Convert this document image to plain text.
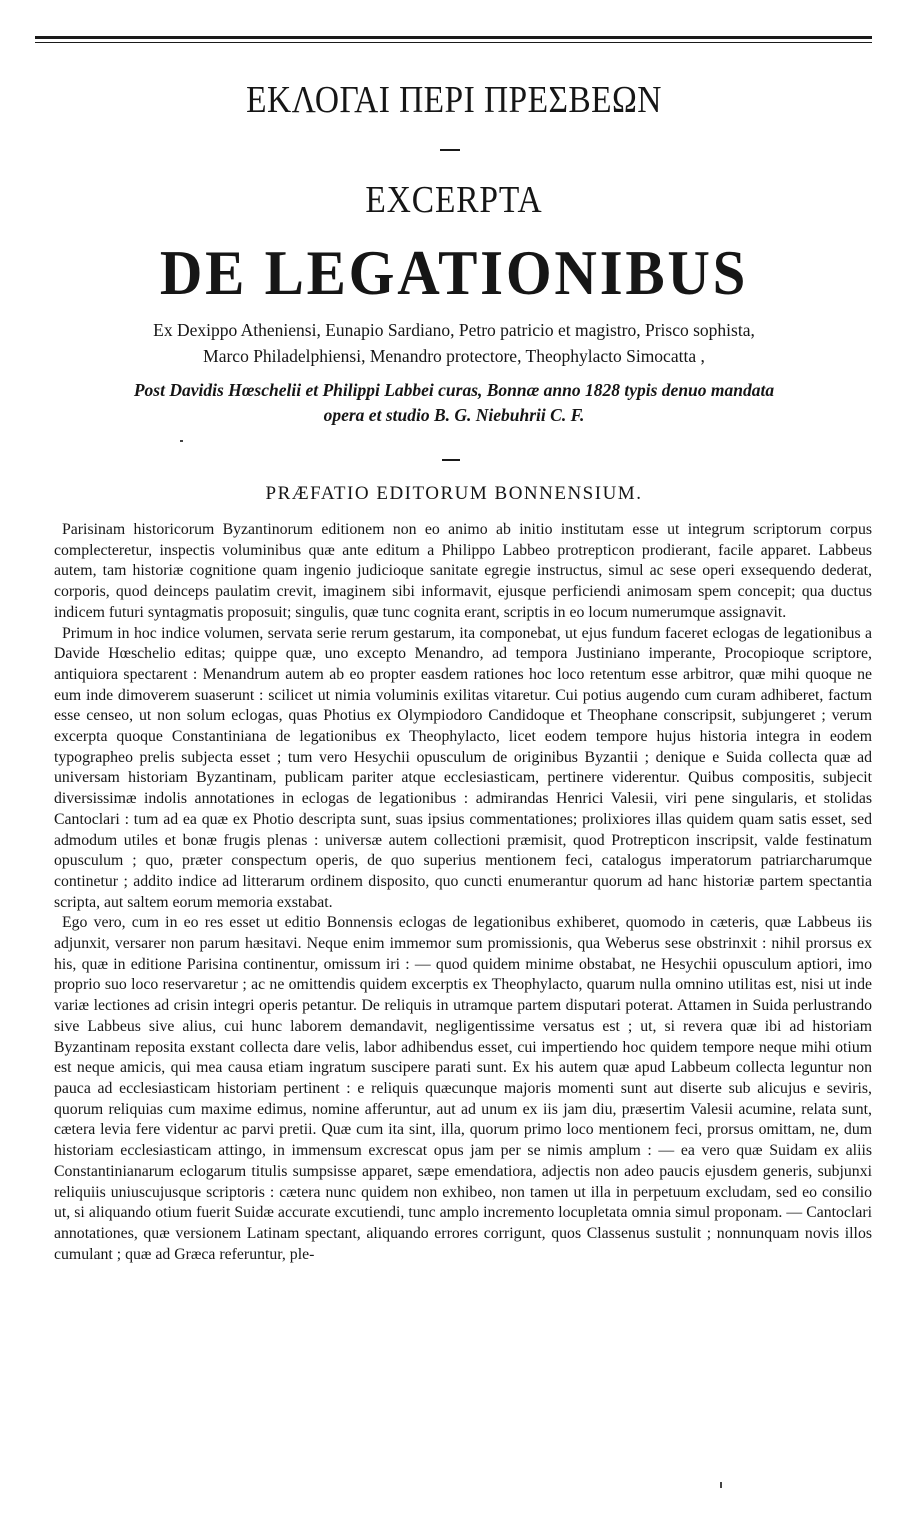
ΕΚΛΟΓΑΙ ΠΕΡΙ ΠΡΕΣΒΕΩΝ
EXCERPTA
DE LEGATIONIBUS
Ex Dexippo Atheniensi, Eunapio Sardiano, Petro patricio et magistro, Prisco sophista,
Marco Philadelphiensi, Menandro protectore, Theophylacto Simocatta ,
Post Davidis Hœschelii et Philippi Labbei curas, Bonnæ anno 1828 typis denuo mandata
opera et studio B. G. Niebuhrii C. F.
PRÆFATIO EDITORUM BONNENSIUM.

Parisinam historicorum Byzantinorum editionem non eo animo ab initio institutam esse ut integrum scriptorum corpus complecteretur, inspectis voluminibus quæ ante editum a Philippo Labbeo protrepticon prodierant, facile apparet. Labbeus autem, tam historiæ cognitione quam ingenio judicioque sanitate egregie instructus, simul ac sese operi exsequendo dederat, corporis, quod deinceps paulatim crevit, imaginem sibi informavit, ejusque perficiendi animosam spem concepit; qua ductus indicem futuri syntagmatis proposuit; singulis, quæ tunc cognita erant, scriptis in eo locum numerumque assignavit.

Primum in hoc indice volumen, servata serie rerum gestarum, ita componebat, ut ejus fundum faceret eclogas de legationibus a Davide Hœschelio editas; quippe quæ, uno excepto Menandro, ad tempora Justiniano imperante, Procopioque scriptore, antiquiora spectarent : Menandrum autem ab eo propter easdem rationes hoc loco retentum esse arbitror, quæ mihi quoque ne eum inde dimoverem suaserunt : scilicet ut nimia voluminis exilitas vitaretur. Cui potius augendo cum curam adhiberet, factum esse censeo, ut non solum eclogas, quas Photius ex Olympiodoro Candidoque et Theophane conscripsit, subjungeret ; verum excerpta quoque Constantiniana de legationibus ex Theophylacto, licet eodem tempore hujus historia integra in eodem typographeo prelis subjecta esset ; tum vero Hesychii opusculum de originibus Byzantii ; denique e Suida collecta quæ ad universam historiam Byzantinam, publicam pariter atque ecclesiasticam, pertinere viderentur. Quibus compositis, subjecit diversissimæ indolis annotationes in eclogas de legationibus : admirandas Henrici Valesii, viri pene singularis, et stolidas Cantoclari : tum ad ea quæ ex Photio descripta sunt, suas ipsius commentationes; prolixiores illas quidem quam satis esset, sed admodum utiles et bonæ frugis plenas : universæ autem collectioni præmisit, quod Protrepticon inscripsit, valde festinatum opusculum ; quo, præter conspectum operis, de quo superius mentionem feci, catalogus imperatorum patriarcharumque continetur ; addito indice ad litterarum ordinem disposito, quo cuncti enumerantur quorum ad hanc historiæ partem spectantia scripta, aut saltem eorum memoria exstabat.

Ego vero, cum in eo res esset ut editio Bonnensis eclogas de legationibus exhiberet, quomodo in cæteris, quæ Labbeus iis adjunxit, versarer non parum hæsitavi. Neque enim immemor sum promissionis, qua Weberus sese obstrinxit : nihil prorsus ex his, quæ in editione Parisina continentur, omissum iri : — quod quidem minime obstabat, ne Hesychii opusculum aptiori, imo proprio suo loco reservaretur ; ac ne omittendis quidem excerptis ex Theophylacto, quarum nulla omnino utilitas est, nisi ut inde variæ lectiones ad crisin integri operis petantur. De reliquis in utramque partem disputari poterat. Attamen in Suida perlustrando sive Labbeus sive alius, cui hunc laborem demandavit, negligentissime versatus est ; ut, si revera quæ ibi ad historiam Byzantinam reposita exstant collecta dare velis, labor adhibendus esset, cui impertiendo hoc quidem tempore neque mihi otium est neque amicis, qui mea causa etiam ingratum suscipere parati sunt. Ex his autem quæ apud Labbeum collecta leguntur non pauca ad ecclesiasticam historiam pertinent : e reliquis quæcunque majoris momenti sunt aut diserte sub alicujus e seviris, quorum reliquias cum maxime edimus, nomine afferuntur, aut ad unum ex iis jam diu, præsertim Valesii acumine, relata sunt, cætera levia fere videntur ac parvi pretii. Quæ cum ita sint, illa, quorum primo loco mentionem feci, prorsus omittam, ne, dum historiam ecclesiasticam attingo, in immensum excrescat opus jam per se nimis amplum : — ea vero quæ Suidam ex aliis Constantinianarum eclogarum titulis sumpsisse apparet, sæpe emendatiora, adjectis non adeo paucis ejusdem generis, subjunxi reliquiis uniuscujusque scriptoris : cætera nunc quidem non exhibeo, non tamen ut illa in perpetuum excludam, sed eo consilio ut, si aliquando otium fuerit Suidæ accurate excutiendi, tunc amplo incremento locupletata omnia simul proponam. — Cantoclari annotationes, quæ versionem Latinam spectant, aliquando errores corrigunt, quos Classenus sustulit ; nonnunquam novis illos cumulant ; quæ ad Græca referuntur, ple-
